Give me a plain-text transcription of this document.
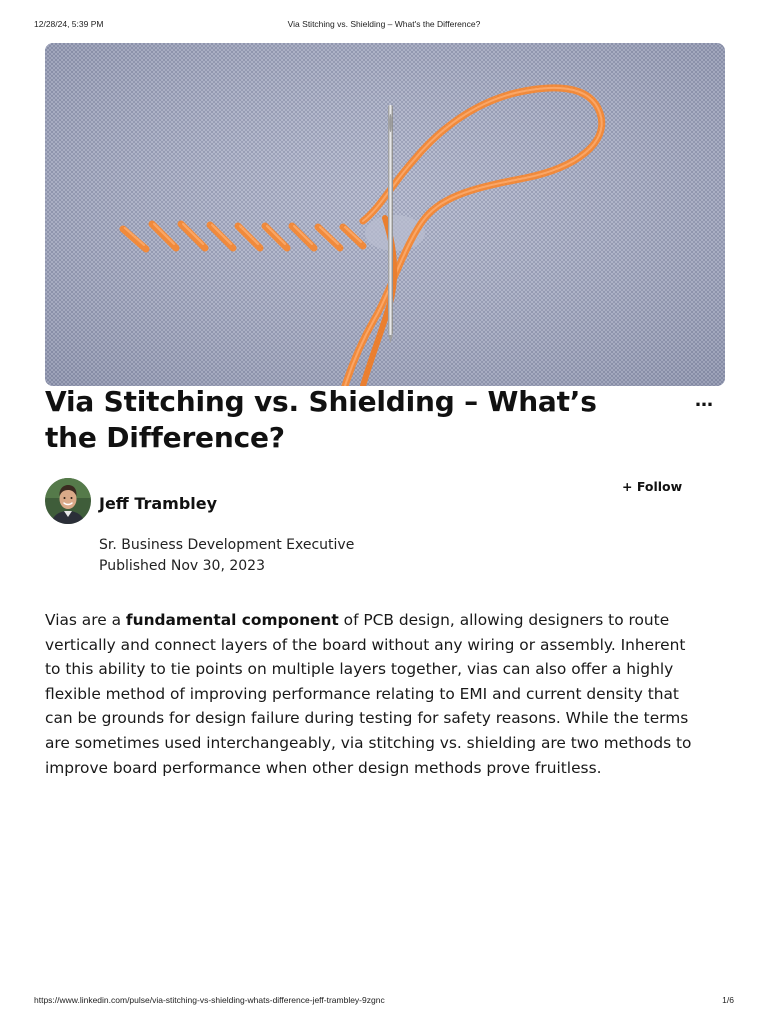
12/28/24, 5:39 PM	Via Stitching vs. Shielding – What's the Difference?
Via Stitching vs. Shielding – What’s the Difference?
…
Jeff Trambley
+ Follow
Sr. Business Development Executive
Published Nov 30, 2023

Vias are a fundamental component of PCB design, allowing designers to route vertically and connect layers of the board without any wiring or assembly. Inherent to this ability to tie points on multiple layers together, vias can also offer a highly flexible method of improving performance relating to EMI and current density that can be grounds for design failure during testing for safety reasons. While the terms are sometimes used interchangeably, via stitching vs. shielding are two methods to improve board performance when other design methods prove fruitless.

https://www.linkedin.com/pulse/via-stitching-vs-shielding-whats-difference-jeff-trambley-9zgnc	1/6
